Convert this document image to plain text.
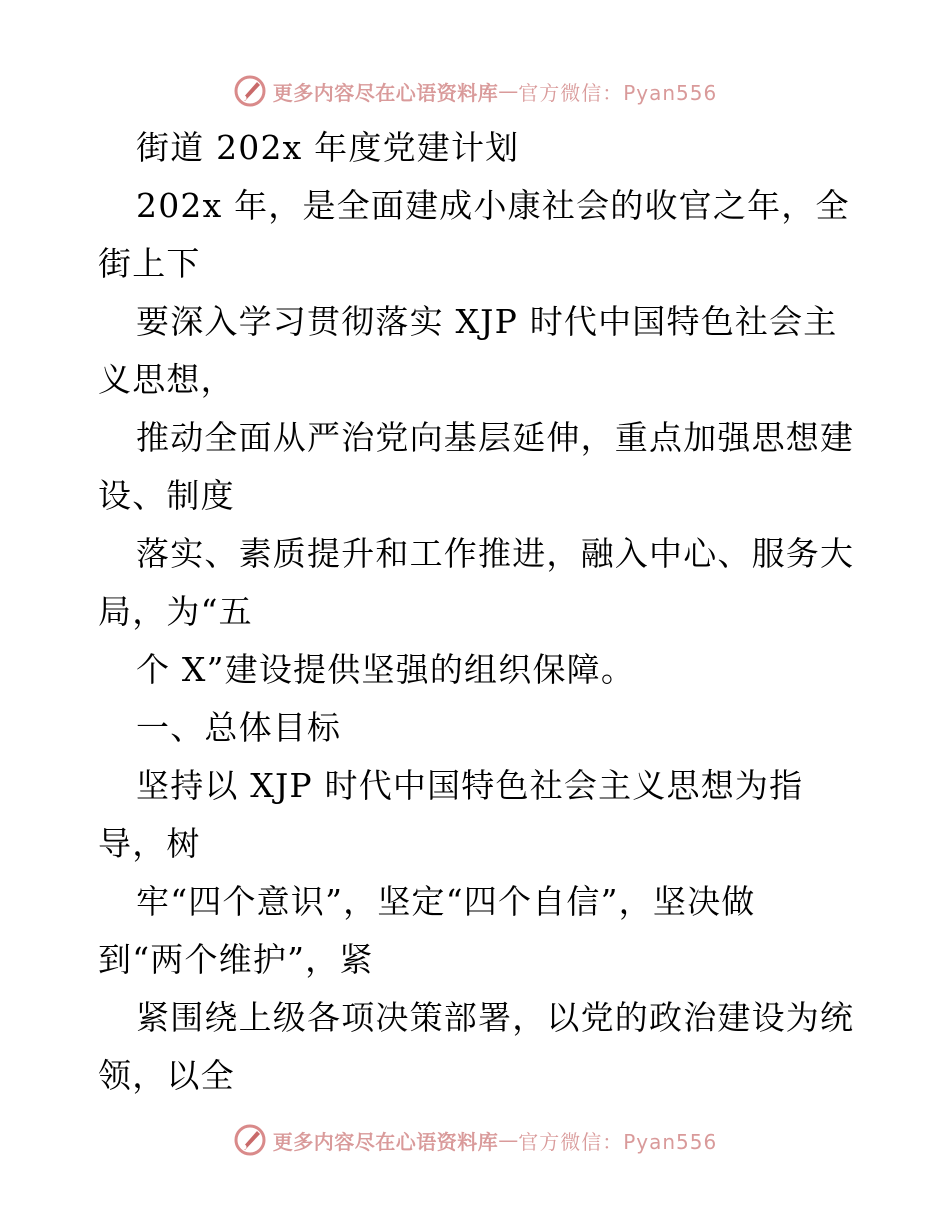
更多内容尽在心语资料库 — 官方微信：Pyan556
街道 202x 年度党建计划
202x 年，是全面建成小康社会的收官之年，全
街上下
要深入学习贯彻落实 XJP 时代中国特色社会主
义思想，
推动全面从严治党向基层延伸，重点加强思想建
设、制度
落实、素质提升和工作推进，融入中心、服务大
局，为“五
个 X”建设提供坚强的组织保障。
一、总体目标
坚持以 XJP 时代中国特色社会主义思想为指
导，树
牢“四个意识”，坚定“四个自信”，坚决做
到“两个维护”，紧
紧围绕上级各项决策部署，以党的政治建设为统
领，以全
更多内容尽在心语资料库 — 官方微信：Pyan556
